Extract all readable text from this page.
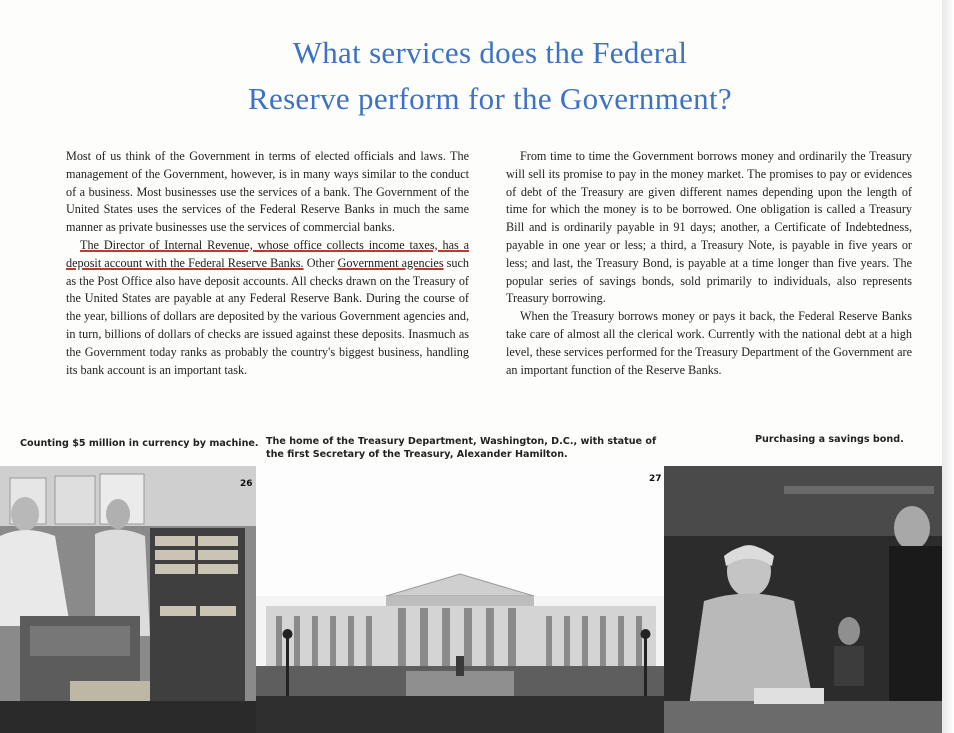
What services does the Federal
Reserve perform for the Government?

Most of us think of the Government in terms of elected officials and laws. The management of the Government, however, is in many ways similar to the conduct of a business. Most businesses use the services of a bank. The Government of the United States uses the services of the Federal Reserve Banks in much the same manner as private businesses use the services of commercial banks.

The Director of Internal Revenue, whose office collects income taxes, has a deposit account with the Federal Reserve Banks. Other Government agencies such as the Post Office also have deposit accounts. All checks drawn on the Treasury of the United States are payable at any Federal Reserve Bank. During the course of the year, billions of dollars are deposited by the various Government agencies and, in turn, billions of dollars of checks are issued against these deposits. Inasmuch as the Government today ranks as probably the country's biggest business, handling its bank account is an important task.

From time to time the Government borrows money and ordinarily the Treasury will sell its promise to pay in the money market. The promises to pay or evidences of debt of the Treasury are given different names depending upon the length of time for which the money is to be borrowed. One obligation is called a Treasury Bill and is ordinarily payable in 91 days; another, a Certificate of Indebtedness, payable in one year or less; a third, a Treasury Note, is payable in five years or less; and last, the Treasury Bond, is payable at a time longer than five years. The popular series of savings bonds, sold primarily to individuals, also represents Treasury borrowing.

When the Treasury borrows money or pays it back, the Federal Reserve Banks take care of almost all the clerical work. Currently with the national debt at a high level, these services performed for the Treasury Department of the Government are an important function of the Reserve Banks.

Counting $5 million in currency by machine. The home of the Treasury Department, Washington, D.C., with statue of the first Secretary of the Treasury, Alexander Hamilton.
Purchasing a savings bond.
26	27
